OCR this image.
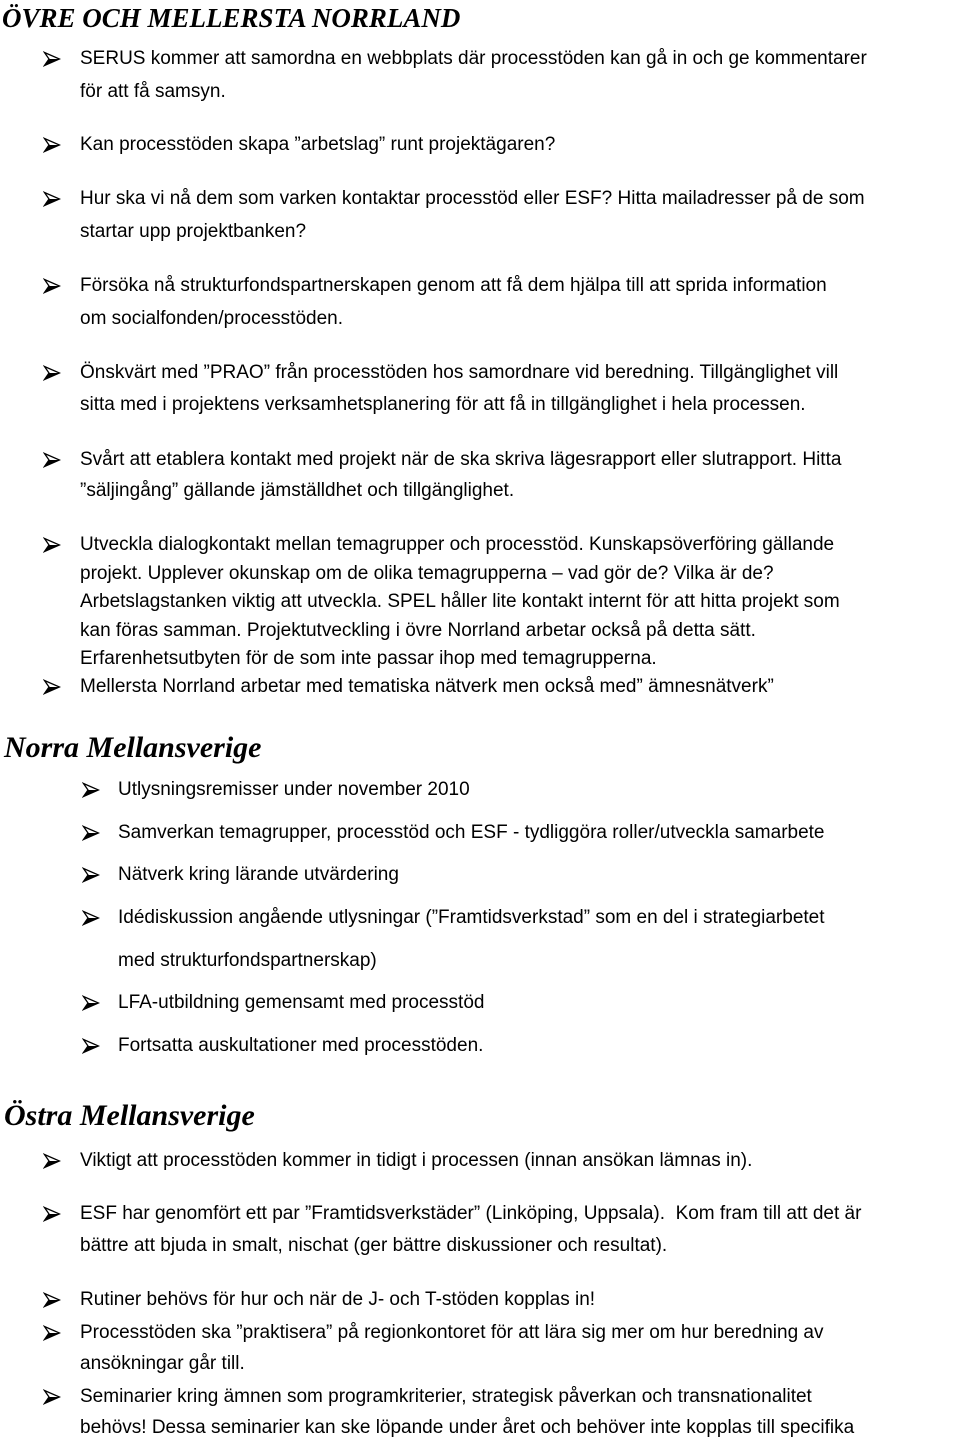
ÖVRE OCH MELLERSTA NORRLAND
SERUS kommer att samordna en webbplats där processtöden kan gå in och ge kommentarer
för att få samsyn.
Kan processtöden skapa ”arbetslag” runt projektägaren?
Hur ska vi nå dem som varken kontaktar processtöd eller ESF? Hitta mailadresser på de som
startar upp projektbanken?
Försöka nå strukturfondspartnerskapen genom att få dem hjälpa till att sprida information
om socialfonden/processtöden.
Önskvärt med ”PRAO” från processtöden hos samordnare vid beredning. Tillgänglighet vill
sitta med i projektens verksamhetsplanering för att få in tillgänglighet i hela processen.
Svårt att etablera kontakt med projekt när de ska skriva lägesrapport eller slutrapport. Hitta
”säljingång” gällande jämställdhet och tillgänglighet.
Utveckla dialogkontakt mellan temagrupper och processtöd. Kunskapsöverföring gällande
projekt. Upplever okunskap om de olika temagrupperna – vad gör de? Vilka är de?
Arbetslagstanken viktig att utveckla. SPEL håller lite kontakt internt för att hitta projekt som
kan föras samman. Projektutveckling i övre Norrland arbetar också på detta sätt.
Erfarenhetsutbyten för de som inte passar ihop med temagrupperna.
Mellersta Norrland arbetar med tematiska nätverk men också med” ämnesnätverk”
Norra Mellansverige
Utlysningsremisser under november 2010
Samverkan temagrupper, processtöd och ESF - tydliggöra roller/utveckla samarbete
Nätverk kring lärande utvärdering
Idédiskussion angående utlysningar (”Framtidsverkstad” som en del i strategiarbetet
med strukturfondspartnerskap)
LFA-utbildning gemensamt med processtöd
Fortsatta auskultationer med processtöden.
Östra Mellansverige
Viktigt att processtöden kommer in tidigt i processen (innan ansökan lämnas in).
ESF har genomfört ett par ”Framtidsverkstäder” (Linköping, Uppsala).  Kom fram till att det är
bättre att bjuda in smalt, nischat (ger bättre diskussioner och resultat).
Rutiner behövs för hur och när de J- och T-stöden kopplas in!
Processtöden ska ”praktisera” på regionkontoret för att lära sig mer om hur beredning av
ansökningar går till.
Seminarier kring ämnen som programkriterier, strategisk påverkan och transnationalitet
behövs! Dessa seminarier kan ske löpande under året och behöver inte kopplas till specifika
